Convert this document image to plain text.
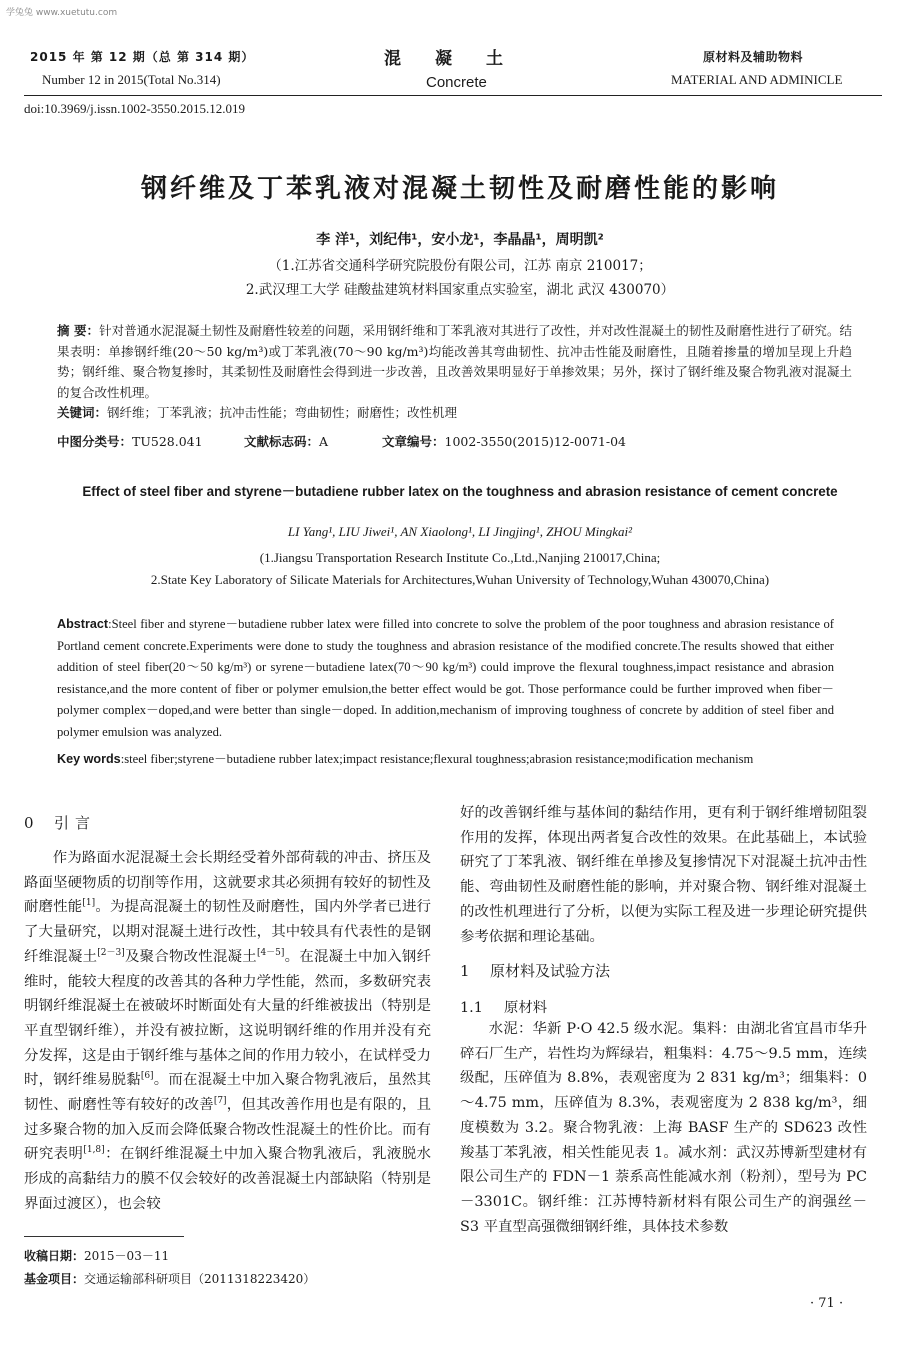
学兔兔 www.xuetutu.com
2015 年 第 12 期（总 第 314 期）
Number 12 in 2015(Total No.314)
混凝土
Concrete
原材料及辅助物料
MATERIAL AND ADMINICLE
doi:10.3969/j.issn.1002-3550.2015.12.019
钢纤维及丁苯乳液对混凝土韧性及耐磨性能的影响
李 洋¹，刘纪伟¹，安小龙¹，李晶晶¹，周明凯²
（1.江苏省交通科学研究院股份有限公司，江苏 南京 210017；
2.武汉理工大学 硅酸盐建筑材料国家重点实验室，湖北 武汉 430070）
摘 要：针对普通水泥混凝土韧性及耐磨性较差的问题，采用钢纤维和丁苯乳液对其进行了改性，并对改性混凝土的韧性及耐磨性进行了研究。结果表明：单掺钢纤维(20～50 kg/m³)或丁苯乳液(70～90 kg/m³)均能改善其弯曲韧性、抗冲击性能及耐磨性，且随着掺量的增加呈现上升趋势；钢纤维、聚合物复掺时，其柔韧性及耐磨性会得到进一步改善，且改善效果明显好于单掺效果；另外，探讨了钢纤维及聚合物乳液对混凝土的复合改性机理。
关键词：钢纤维；丁苯乳液；抗冲击性能；弯曲韧性；耐磨性；改性机理
中图分类号：TU528.041	文献标志码：A	文章编号：1002-3550(2015)12-0071-04
Effect of steel fiber and styrene－butadiene rubber latex on the toughness and abrasion resistance of cement concrete
LI Yang¹, LIU Jiwei¹, AN Xiaolong¹, LI Jingjing¹, ZHOU Mingkai²
(1.Jiangsu Transportation Research Institute Co.,Ltd.,Nanjing 210017,China;
2.State Key Laboratory of Silicate Materials for Architectures,Wuhan University of Technology,Wuhan 430070,China)
Abstract:Steel fiber and styrene－butadiene rubber latex were filled into concrete to solve the problem of the poor toughness and abrasion resistance of Portland cement concrete.Experiments were done to study the toughness and abrasion resistance of the modified concrete.The results showed that either addition of steel fiber(20～50 kg/m³) or syrene－butadiene latex(70～90 kg/m³) could improve the flexural toughness,impact resistance and abrasion resistance,and the more content of fiber or polymer emulsion,the better effect would be got. Those performance could be further improved when fiber－polymer complex－doped,and were better than single－doped. In addition,mechanism of improving toughness of concrete by addition of steel fiber and polymer emulsion was analyzed.
Key words:steel fiber;styrene－butadiene rubber latex;impact resistance;flexural toughness;abrasion resistance;modification mechanism
0 引言

作为路面水泥混凝土会长期经受着外部荷载的冲击、挤压及路面坚硬物质的切削等作用，这就要求其必须拥有较好的韧性及耐磨性能[1]。为提高混凝土的韧性及耐磨性，国内外学者已进行了大量研究，以期对混凝土进行改性，其中较具有代表性的是钢纤维混凝土[2－3]及聚合物改性混凝土[4－5]。在混凝土中加入钢纤维时，能较大程度的改善其的各种力学性能，然而，多数研究表明钢纤维混凝土在被破坏时断面处有大量的纤维被拔出（特别是平直型钢纤维），并没有被拉断，这说明钢纤维的作用并没有充分发挥，这是由于钢纤维与基体之间的作用力较小，在试样受力时，钢纤维易脱黏[6]。而在混凝土中加入聚合物乳液后，虽然其韧性、耐磨性等有较好的改善[7]，但其改善作用也是有限的，且过多聚合物的加入反而会降低聚合物改性混凝土的性价比。而有研究表明[1,8]：在钢纤维混凝土中加入聚合物乳液后，乳液脱水形成的高黏结力的膜不仅会较好的改善混凝土内部缺陷（特别是界面过渡区），也会较

好的改善钢纤维与基体间的黏结作用，更有利于钢纤维增韧阻裂作用的发挥，体现出两者复合改性的效果。在此基础上，本试验研究了丁苯乳液、钢纤维在单掺及复掺情况下对混凝土抗冲击性能、弯曲韧性及耐磨性能的影响，并对聚合物、钢纤维对混凝土的改性机理进行了分析，以便为实际工程及进一步理论研究提供参考依据和理论基础。

1 原材料及试验方法
1.1 原材料

水泥：华新 P·O 42.5 级水泥。集料：由湖北省宜昌市华升碎石厂生产，岩性均为辉绿岩，粗集料：4.75～9.5 mm，连续级配，压碎值为 8.8%，表观密度为 2 831 kg/m³；细集料：0～4.75 mm，压碎值为 8.3%，表观密度为 2 838 kg/m³，细度模数为 3.2。聚合物乳液：上海 BASF 生产的 SD623 改性羧基丁苯乳液，相关性能见表 1。减水剂：武汉苏博新型建材有限公司生产的 FDN－1 萘系高性能减水剂（粉剂），型号为 PC－3301C。钢纤维：江苏博特新材料有限公司生产的润强丝－S3 平直型高强微细钢纤维，具体技术参数

收稿日期：2015－03－11
基金项目：交通运输部科研项目（2011318223420）
· 71 ·
